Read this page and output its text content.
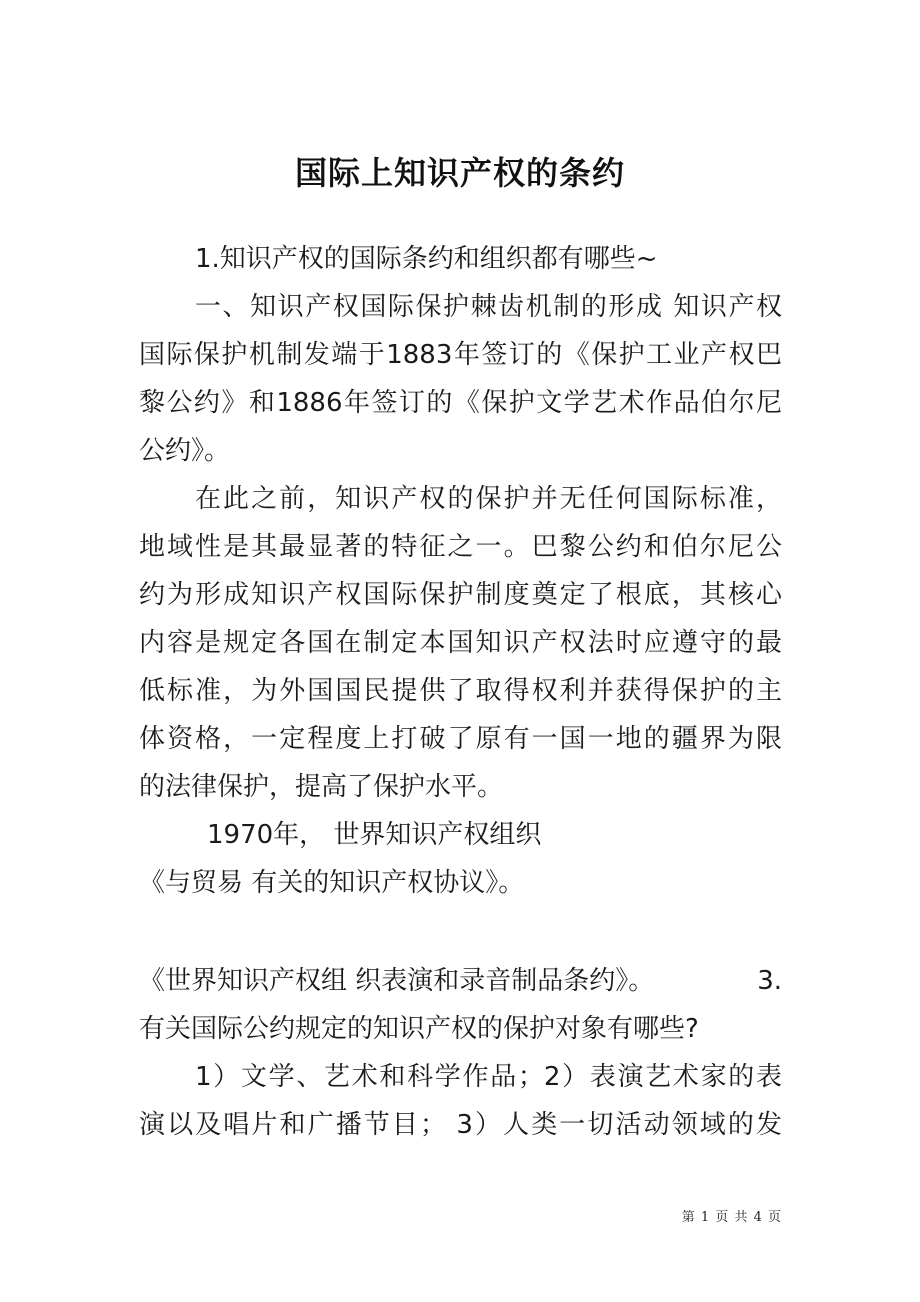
国际上知识产权的条约
1.知识产权的国际条约和组织都有哪些~
一、知识产权国际保护棘齿机制的形成 知识产权
国际保护机制发端于1883年签订的《保护工业产权巴
黎公约》和1886年签订的《保护文学艺术作品伯尔尼
公约》。
在此之前，知识产权的保护并无任何国际标准，
地域性是其最显著的特征之一。巴黎公约和伯尔尼公
约为形成知识产权国际保护制度奠定了根底，其核心
内容是规定各国在制定本国知识产权法时应遵守的最
低标准，为外国国民提供了取得权利并获得保护的主
体资格，一定程度上打破了原有一国一地的疆界为限
的法律保护，提高了保护水平。
1970年， 世界知识产权组织
《与贸易 有关的知识产权协议》。
《世界知识产权组 织表演和录音制品条约》。	3.
有关国际公约规定的知识产权的保护对象有哪些?
1）文学、艺术和科学作品；2）表演艺术家的表
演以及唱片和广播节目； 3）人类一切活动领域的发
第 1 页 共 4 页
